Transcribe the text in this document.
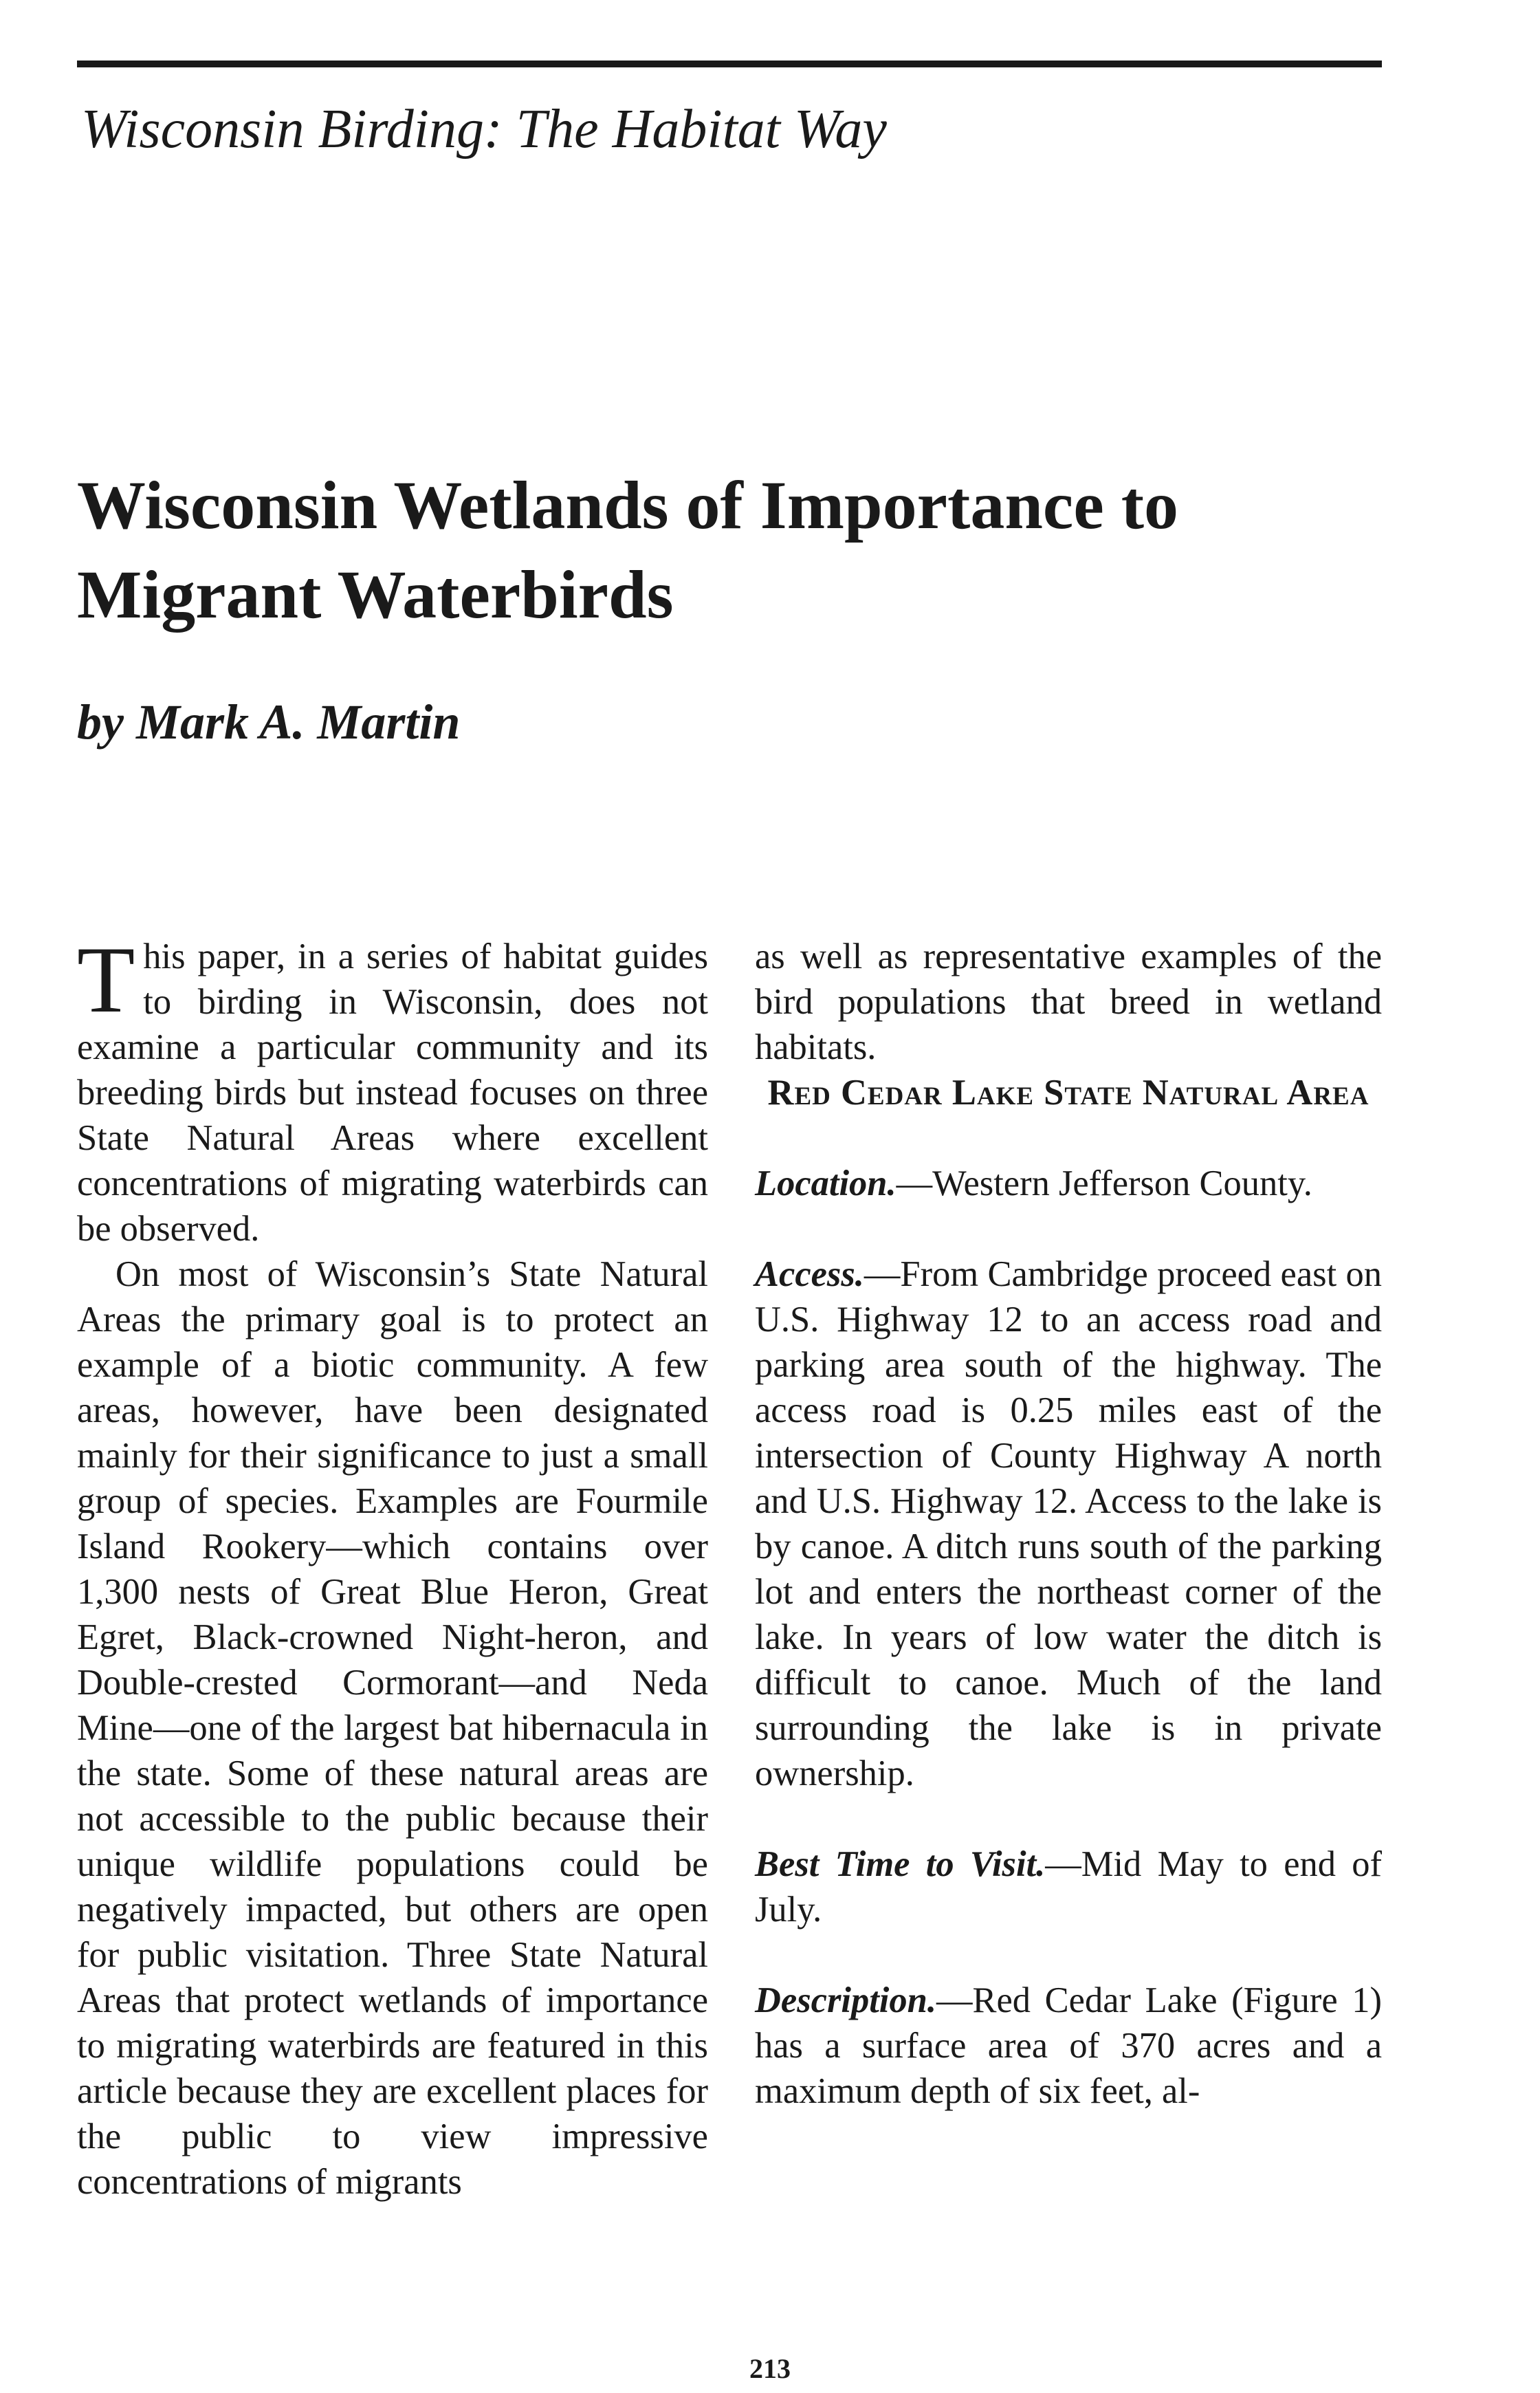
Wisconsin Birding: The Habitat Way
Wisconsin Wetlands of Importance to Migrant Waterbirds

by Mark A. Martin

This paper, in a series of habitat guides to birding in Wisconsin, does not examine a particular community and its breeding birds but instead focuses on three State Natural Areas where excellent concentrations of migrating waterbirds can be observed.

On most of Wisconsin’s State Natural Areas the primary goal is to protect an example of a biotic community. A few areas, however, have been designated mainly for their significance to just a small group of species. Examples are Fourmile Island Rookery—which contains over 1,300 nests of Great Blue Heron, Great Egret, Black-crowned Night-heron, and Double-crested Cormorant—and Neda Mine—one of the largest bat hibernacula in the state. Some of these natural areas are not accessible to the public because their unique wildlife populations could be negatively impacted, but others are open for public visitation. Three State Natural Areas that protect wetlands of importance to migrating waterbirds are featured in this article because they are excellent places for the public to view impressive concentrations of migrants

as well as representative examples of the bird populations that breed in wetland habitats.

Red Cedar Lake State Natural Area

Location.—Western Jefferson County.

Access.—From Cambridge proceed east on U.S. Highway 12 to an access road and parking area south of the highway. The access road is 0.25 miles east of the intersection of County Highway A north and U.S. Highway 12. Access to the lake is by canoe. A ditch runs south of the parking lot and enters the northeast corner of the lake. In years of low water the ditch is difficult to canoe. Much of the land surrounding the lake is in private ownership.

Best Time to Visit.—Mid May to end of July.

Description.—Red Cedar Lake (Figure 1) has a surface area of 370 acres and a maximum depth of six feet, al-

213
